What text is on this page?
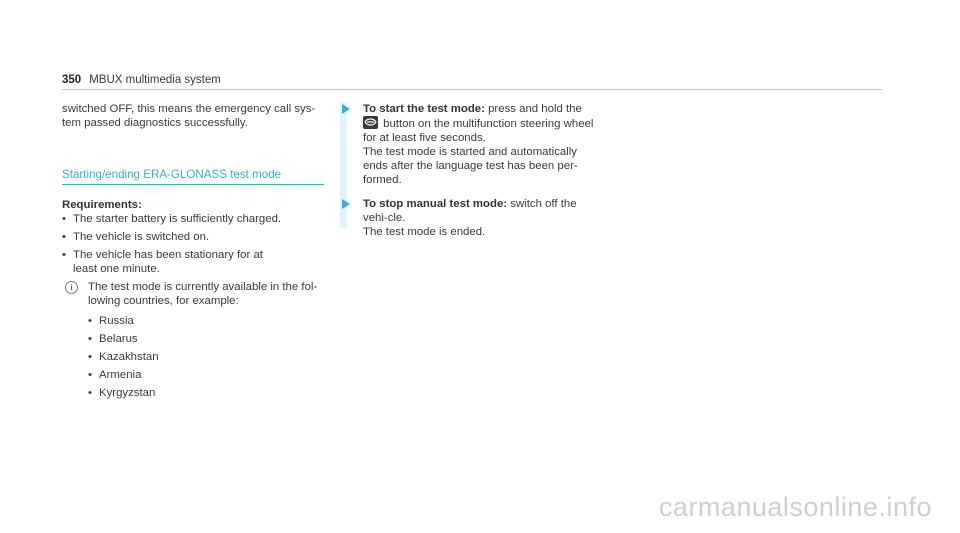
350 MBUX multimedia system

switched OFF, this means the emergency call sys-
tem passed diagnostics successfully.

Starting/ending ERA-GLONASS test mode
Requirements:
• The starter battery is sufficiently charged.
• The vehicle is switched on.
• The vehicle has been stationary for at least one minute.
i	The test mode is currently available in the fol-
lowing countries, for example:
• Russia
• Belarus
• Kazakhstan
• Armenia
• Kyrgyzstan
To start the test mode: press and hold the

button on the multifunction steering wheel for at least five seconds.
The test mode is started and automatically ends after the language test has been per-formed.
To stop manual test mode: switch off the vehi-cle.
The test mode is ended.
carmanualsonline.info
